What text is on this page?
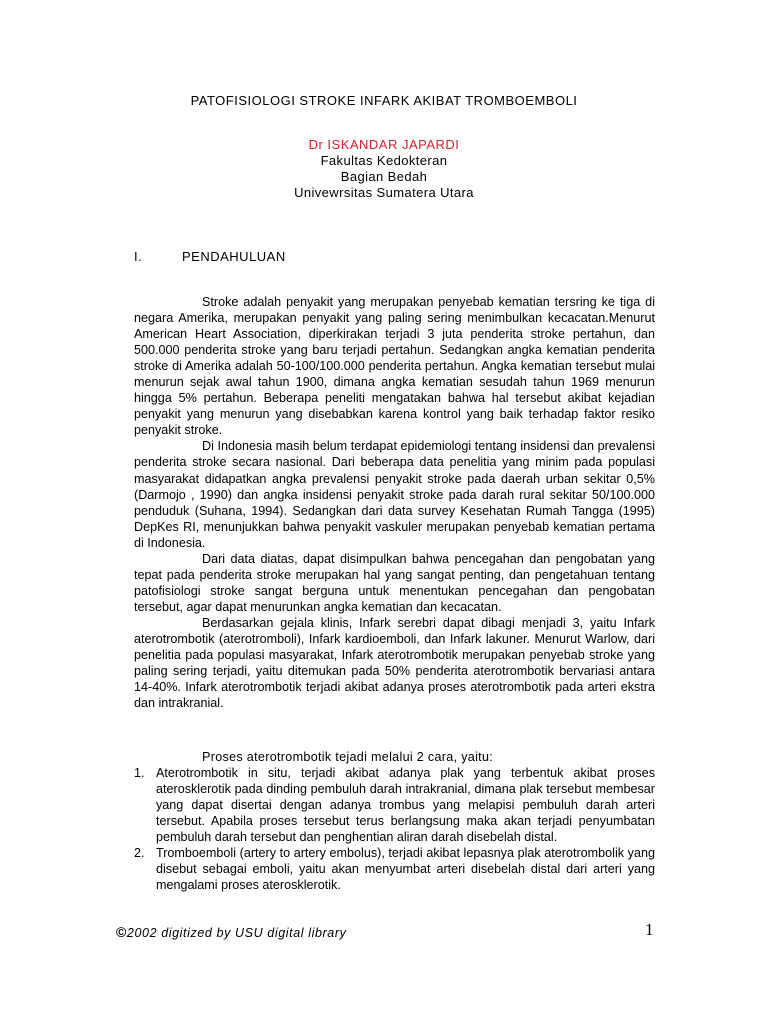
PATOFISIOLOGI STROKE INFARK AKIBAT TROMBOEMBOLI
Dr ISKANDAR JAPARDI
Fakultas Kedokteran
Bagian Bedah
Univewrsitas Sumatera Utara
I.	PENDAHULUAN

Stroke adalah penyakit yang merupakan penyebab kematian tersring ke tiga di negara Amerika, merupakan penyakit yang paling sering menimbulkan kecacatan.Menurut American Heart Association, diperkirakan terjadi 3 juta penderita stroke pertahun, dan 500.000 penderita stroke yang baru terjadi pertahun. Sedangkan angka kematian penderita stroke di Amerika adalah 50-100/100.000 penderita pertahun. Angka kematian tersebut mulai menurun sejak awal tahun 1900, dimana angka kematian sesudah tahun 1969 menurun hingga 5% pertahun. Beberapa peneliti mengatakan bahwa hal tersebut akibat kejadian penyakit yang menurun yang disebabkan karena kontrol yang baik terhadap faktor resiko penyakit stroke.

Di Indonesia masih belum terdapat epidemiologi tentang insidensi dan prevalensi penderita stroke secara nasional. Dari beberapa data penelitia yang minim pada populasi masyarakat didapatkan angka prevalensi penyakit stroke pada daerah urban sekitar 0,5% (Darmojo , 1990) dan angka insidensi penyakit stroke pada darah rural sekitar 50/100.000 penduduk (Suhana, 1994). Sedangkan dari data survey Kesehatan Rumah Tangga (1995) DepKes RI, menunjukkan bahwa penyakit vaskuler merupakan penyebab kematian pertama di Indonesia.

Dari data diatas, dapat disimpulkan bahwa pencegahan dan pengobatan yang tepat pada penderita stroke merupakan hal yang sangat penting, dan pengetahuan tentang patofisiologi stroke sangat berguna untuk menentukan pencegahan dan pengobatan tersebut, agar dapat menurunkan angka kematian dan kecacatan.

Berdasarkan gejala klinis, Infark serebri dapat dibagi menjadi 3, yaitu Infark aterotrombotik (aterotromboli), Infark kardioemboli, dan Infark lakuner. Menurut Warlow, dari penelitia pada populasi masyarakat, Infark aterotrombotik merupakan penyebab stroke yang paling sering terjadi, yaitu ditemukan pada 50% penderita aterotrombotik bervariasi antara 14-40%. Infark aterotrombotik terjadi akibat adanya proses aterotrombotik pada arteri ekstra dan intrakranial.

Proses aterotrombotik tejadi melalui 2 cara, yaitu:

1. Aterotrombotik in situ, terjadi akibat adanya plak yang terbentuk akibat proses aterosklerotik pada dinding pembuluh darah intrakranial, dimana plak tersebut membesar yang dapat disertai dengan adanya trombus yang melapisi pembuluh darah arteri tersebut. Apabila proses tersebut terus berlangsung maka akan terjadi penyumbatan pembuluh darah tersebut dan penghentian aliran darah disebelah distal.
2. Tromboemboli (artery to artery embolus), terjadi akibat lepasnya plak aterotrombolik yang disebut sebagai emboli, yaitu akan menyumbat arteri disebelah distal dari arteri yang mengalami proses aterosklerotik.
©2002 digitized by USU digital library	1
